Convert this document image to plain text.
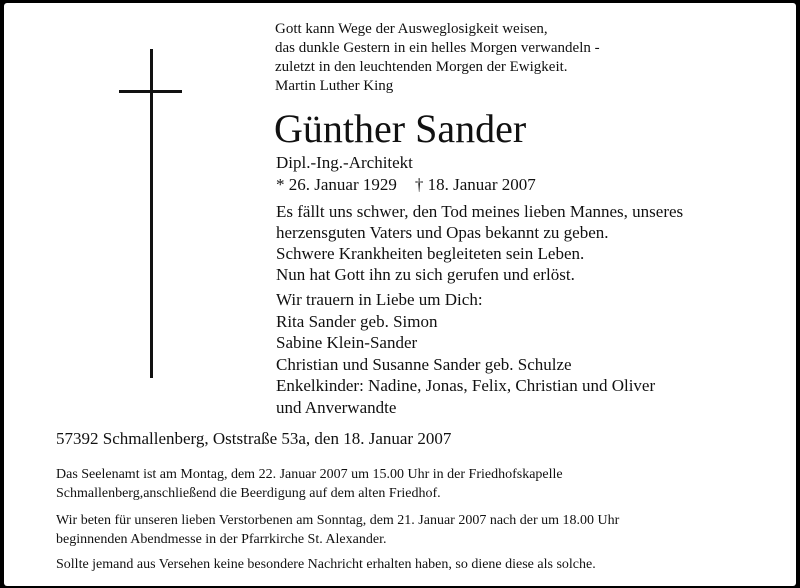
Gott kann Wege der Ausweglosigkeit weisen,
das dunkle Gestern in ein helles Morgen verwandeln -
zuletzt in den leuchtenden Morgen der Ewigkeit.
Martin Luther King
Günther Sander
Dipl.-Ing.-Architekt
* 26. Januar 1929 † 18. Januar 2007
Es fällt uns schwer, den Tod meines lieben Mannes, unseres
herzensguten Vaters und Opas bekannt zu geben.
Schwere Krankheiten begleiteten sein Leben.
Nun hat Gott ihn zu sich gerufen und erlöst.
Wir trauern in Liebe um Dich:
Rita Sander geb. Simon
Sabine Klein-Sander
Christian und Susanne Sander geb. Schulze
Enkelkinder: Nadine, Jonas, Felix, Christian und Oliver
und Anverwandte
57392 Schmallenberg, Oststraße 53a, den 18. Januar 2007
Das Seelenamt ist am Montag, dem 22. Januar 2007 um 15.00 Uhr in der Friedhofskapelle
Schmallenberg,anschließend die Beerdigung auf dem alten Friedhof.
Wir beten für unseren lieben Verstorbenen am Sonntag, dem 21. Januar 2007 nach der um 18.00 Uhr
beginnenden Abendmesse in der Pfarrkirche St. Alexander.
Sollte jemand aus Versehen keine besondere Nachricht erhalten haben, so diene diese als solche.
